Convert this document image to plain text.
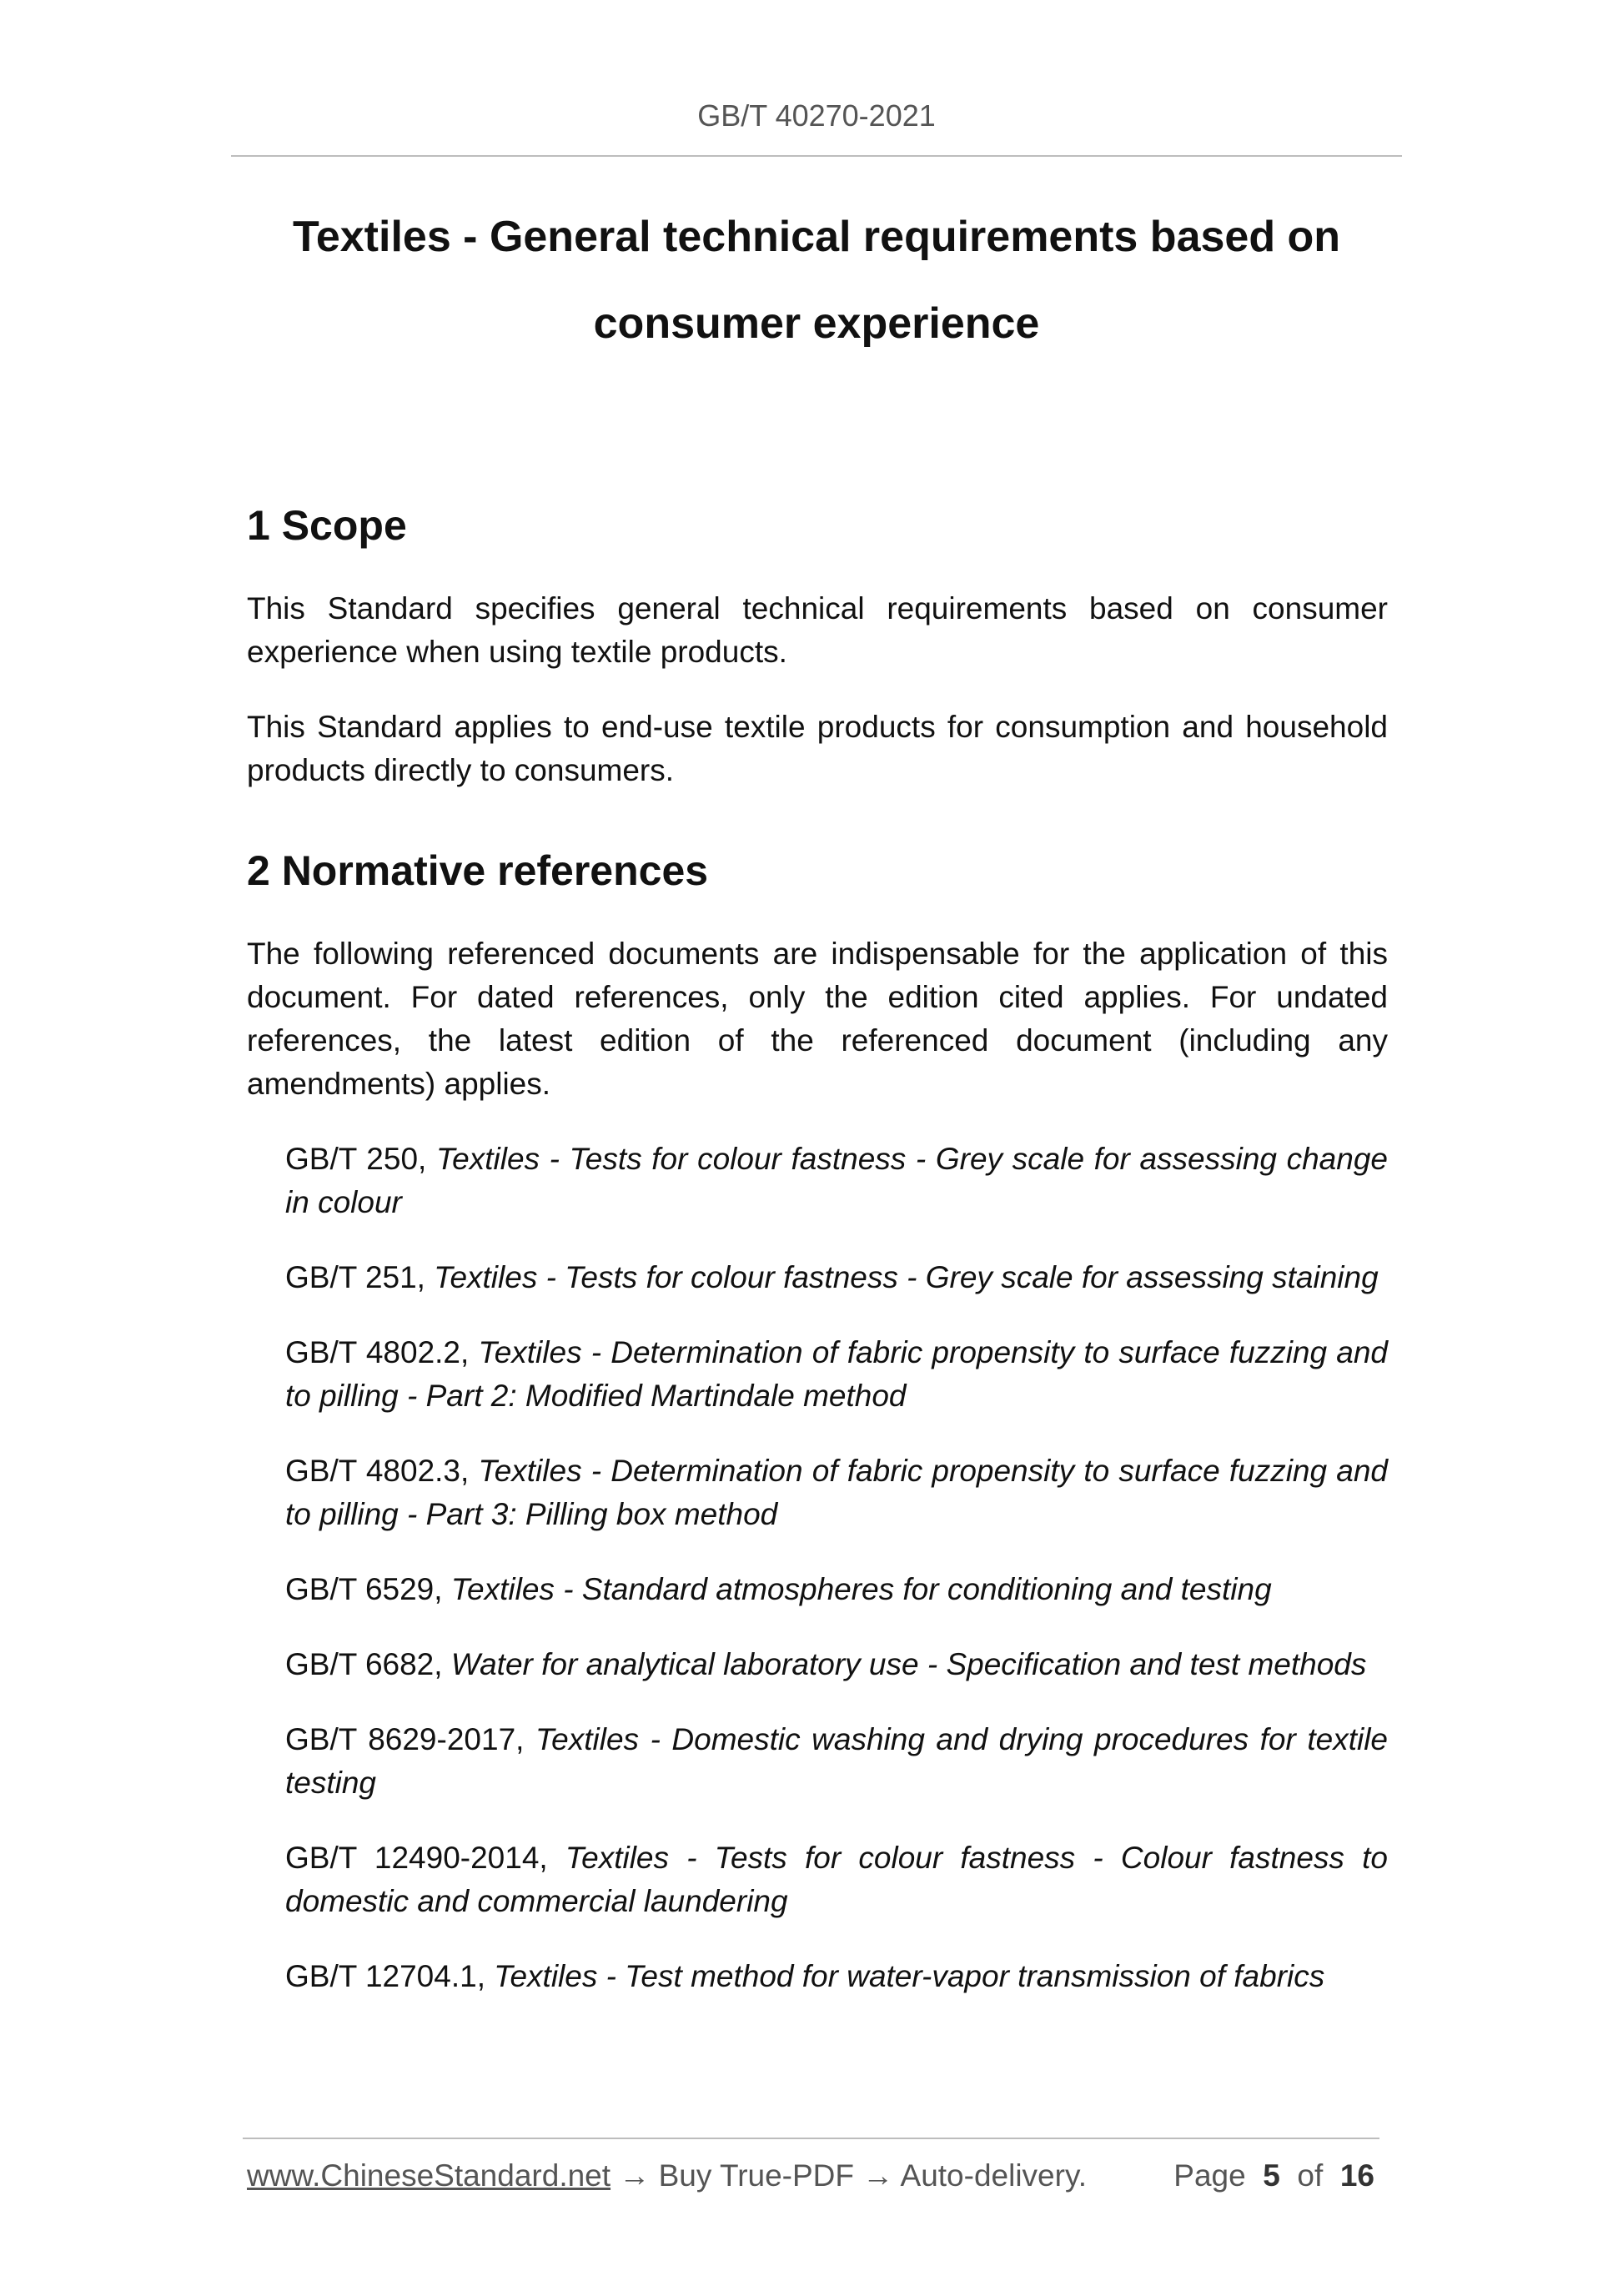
GB/T 40270-2021
Textiles - General technical requirements based on
consumer experience
1 Scope

This Standard specifies general technical requirements based on consumer experience when using textile products.

This Standard applies to end-use textile products for consumption and household products directly to consumers.

2 Normative references

The following referenced documents are indispensable for the application of this document. For dated references, only the edition cited applies. For undated references, the latest edition of the referenced document (including any amendments) applies.

GB/T 250, Textiles - Tests for colour fastness - Grey scale for assessing change in colour

GB/T 251, Textiles - Tests for colour fastness - Grey scale for assessing staining

GB/T 4802.2, Textiles - Determination of fabric propensity to surface fuzzing and to pilling - Part 2: Modified Martindale method

GB/T 4802.3, Textiles - Determination of fabric propensity to surface fuzzing and to pilling - Part 3: Pilling box method

GB/T 6529, Textiles - Standard atmospheres for conditioning and testing

GB/T 6682, Water for analytical laboratory use - Specification and test methods

GB/T 8629-2017, Textiles - Domestic washing and drying procedures for textile testing

GB/T 12490-2014, Textiles - Tests for colour fastness - Colour fastness to domestic and commercial laundering

GB/T 12704.1, Textiles - Test method for water-vapor transmission of fabrics

www.ChineseStandard.net → Buy True-PDF → Auto-delivery.	Page 5 of 16
